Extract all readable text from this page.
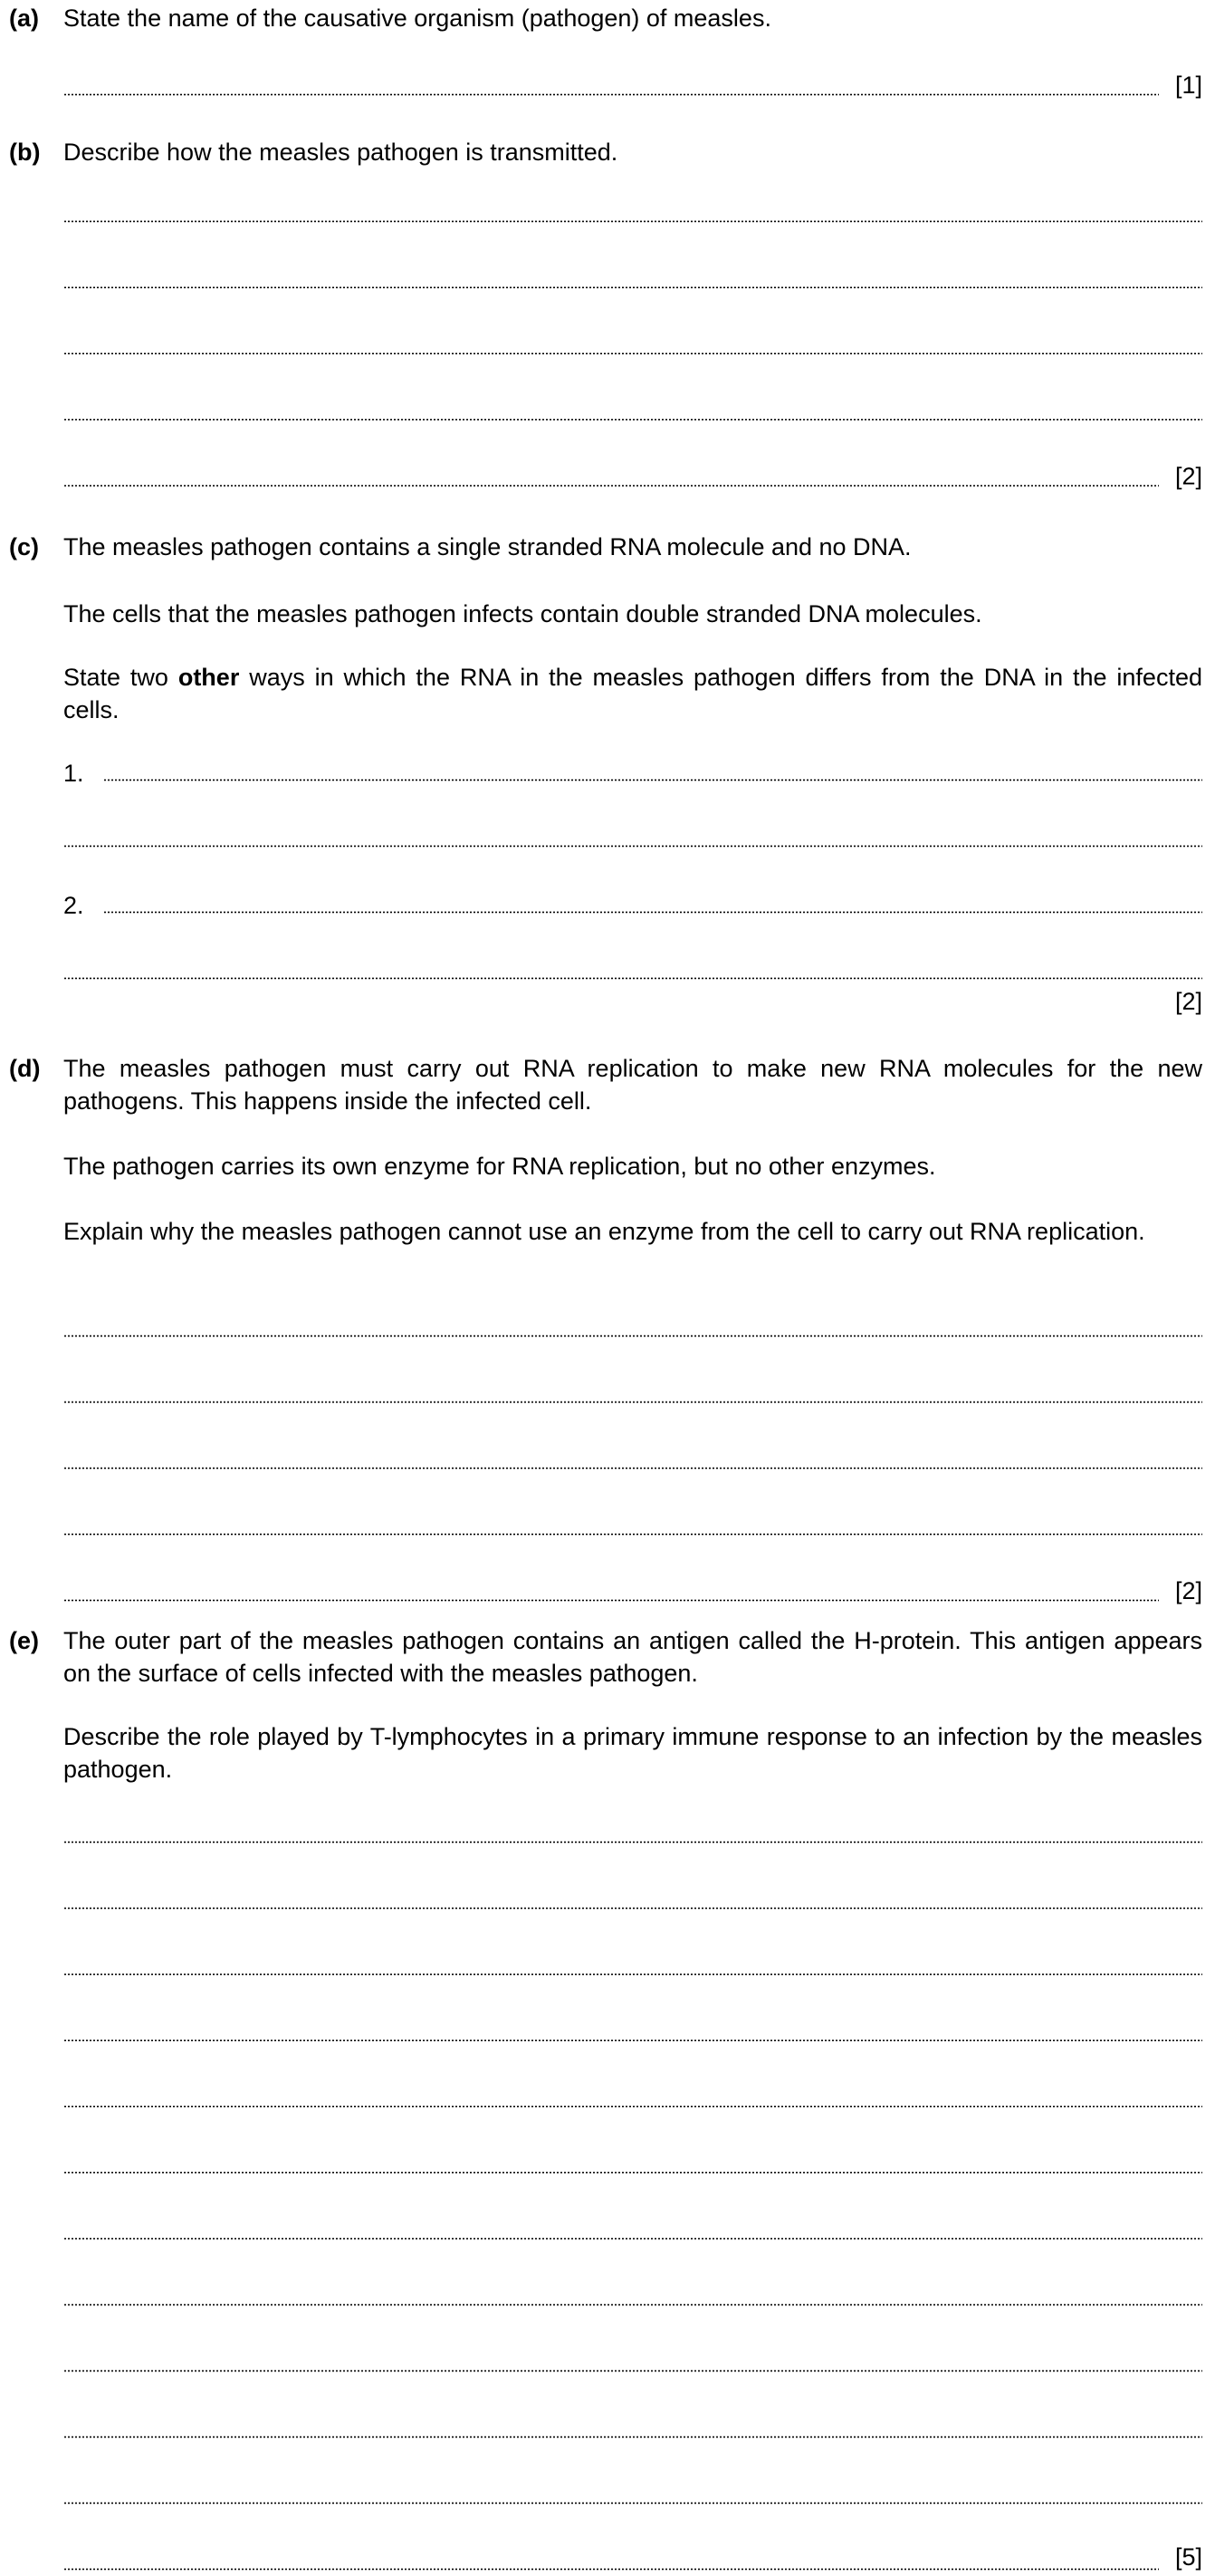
(a) State the name of the causative organism (pathogen) of measles.
[1]
(b) Describe how the measles pathogen is transmitted.
[2]
(c) The measles pathogen contains a single stranded RNA molecule and no DNA.
The cells that the measles pathogen infects contain double stranded DNA molecules.
State two other ways in which the RNA in the measles pathogen differs from the DNA in the infected cells.
1.
2.
[2]
(d) The measles pathogen must carry out RNA replication to make new RNA molecules for the new pathogens. This happens inside the infected cell.
The pathogen carries its own enzyme for RNA replication, but no other enzymes.
Explain why the measles pathogen cannot use an enzyme from the cell to carry out RNA replication.
[2]
(e) The outer part of the measles pathogen contains an antigen called the H-protein. This antigen appears on the surface of cells infected with the measles pathogen.
Describe the role played by T-lymphocytes in a primary immune response to an infection by the measles pathogen.
[5]
